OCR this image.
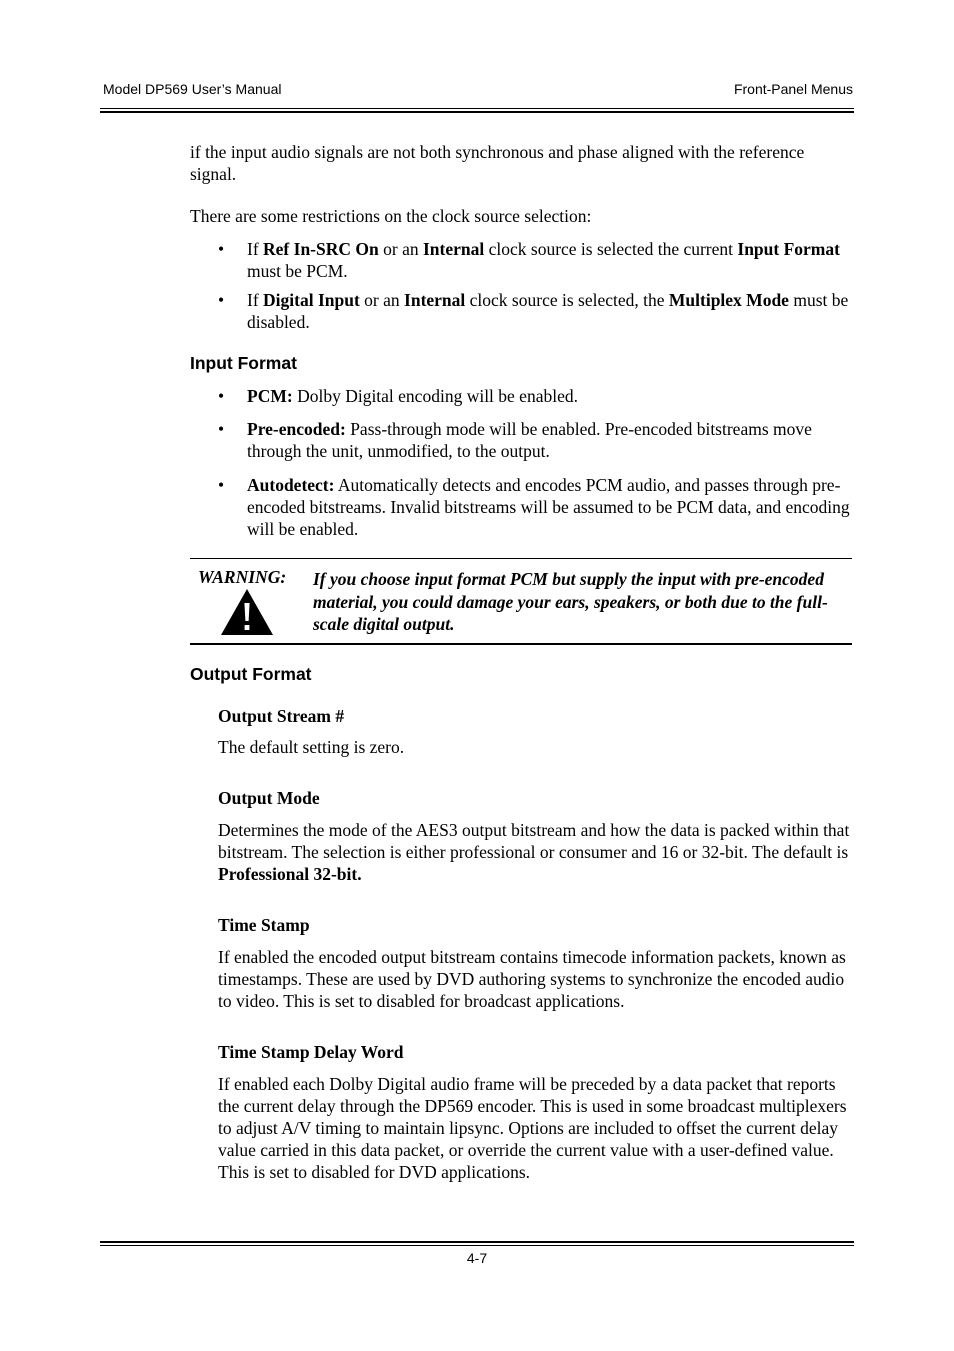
Model DP569 User’s Manual	Front-Panel Menus
if the input audio signals are not both synchronous and phase aligned with the reference signal.
There are some restrictions on the clock source selection:
• If Ref In-SRC On or an Internal clock source is selected the current Input Format must be PCM.
• If Digital Input or an Internal clock source is selected, the Multiplex Mode must be disabled.
Input Format
• PCM: Dolby Digital encoding will be enabled.
• Pre-encoded: Pass-through mode will be enabled. Pre-encoded bitstreams move through the unit, unmodified, to the output.
• Autodetect: Automatically detects and encodes PCM audio, and passes through pre-encoded bitstreams. Invalid bitstreams will be assumed to be PCM data, and encoding will be enabled.
WARNING: If you choose input format PCM but supply the input with pre-encoded material, you could damage your ears, speakers, or both due to the full-scale digital output.
Output Format
Output Stream #
The default setting is zero.
Output Mode
Determines the mode of the AES3 output bitstream and how the data is packed within that bitstream. The selection is either professional or consumer and 16 or 32-bit. The default is Professional 32-bit.
Time Stamp
If enabled the encoded output bitstream contains timecode information packets, known as timestamps. These are used by DVD authoring systems to synchronize the encoded audio to video. This is set to disabled for broadcast applications.
Time Stamp Delay Word
If enabled each Dolby Digital audio frame will be preceded by a data packet that reports the current delay through the DP569 encoder. This is used in some broadcast multiplexers to adjust A/V timing to maintain lipsync. Options are included to offset the current delay value carried in this data packet, or override the current value with a user-defined value. This is set to disabled for DVD applications.
4-7
